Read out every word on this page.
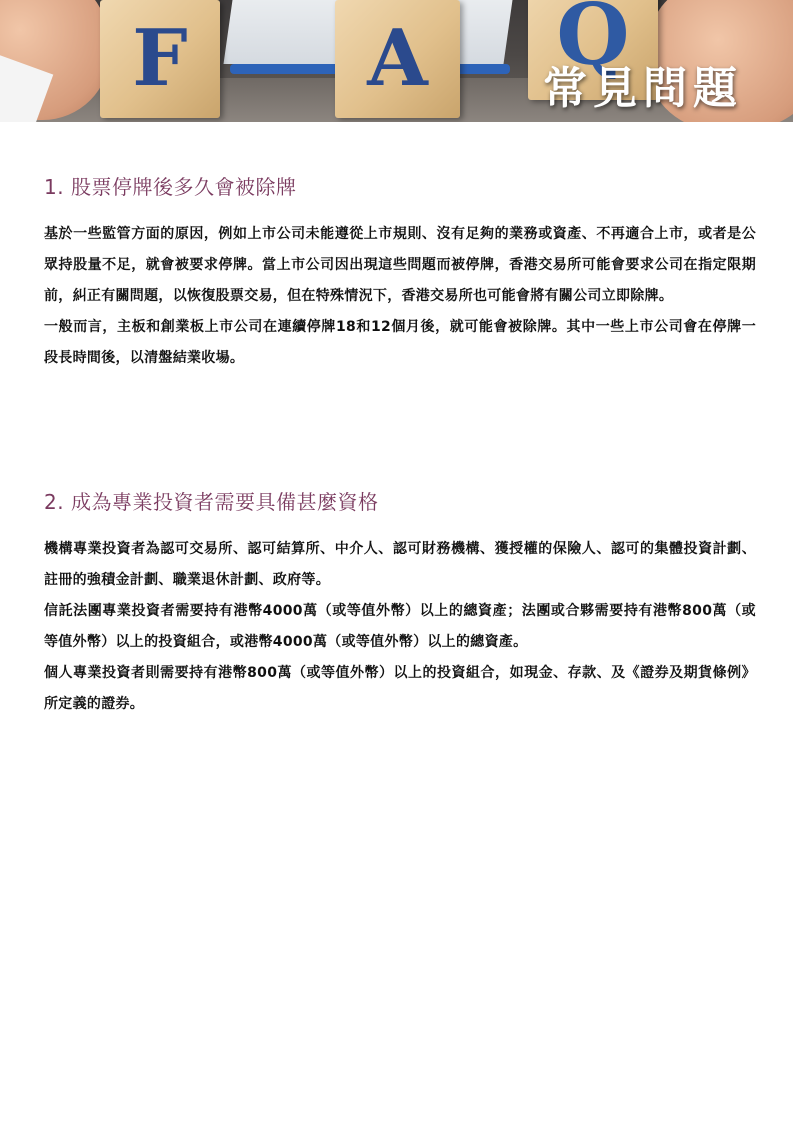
F A Q
常見問題
1. 股票停牌後多久會被除牌

基於一些監管方面的原因，例如上市公司未能遵從上市規則、沒有足夠的業務或資產、不再適合上市，或者是公眾持股量不足，就會被要求停牌。當上市公司因出現這些問題而被停牌，香港交易所可能會要求公司在指定限期前，糾正有關問題，以恢復股票交易，但在特殊情況下，香港交易所也可能會將有關公司立即除牌。

一般而言，主板和創業板上市公司在連續停牌18和12個月後，就可能會被除牌。其中一些上市公司會在停牌一段長時間後，以清盤結業收場。

2. 成為專業投資者需要具備甚麼資格

機構專業投資者為認可交易所、認可結算所、中介人、認可財務機構、獲授權的保險人、認可的集體投資計劃、註冊的強積金計劃、職業退休計劃、政府等。

信託法團專業投資者需要持有港幣4000萬（或等值外幣）以上的總資產；法團或合夥需要持有港幣800萬（或等值外幣）以上的投資組合，或港幣4000萬（或等值外幣）以上的總資產。

個人專業投資者則需要持有港幣800萬（或等值外幣）以上的投資組合，如現金、存款、及《證券及期貨條例》所定義的證券。
